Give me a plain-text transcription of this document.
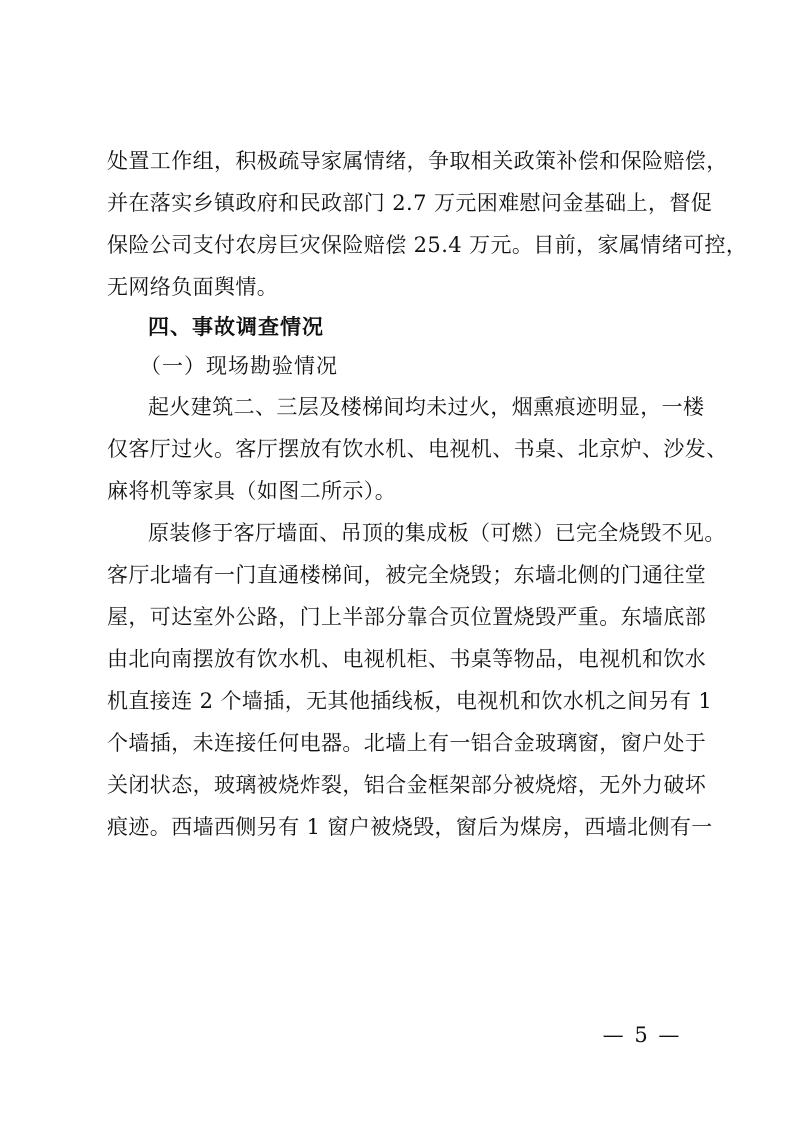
处置工作组，积极疏导家属情绪，争取相关政策补偿和保险赔偿，
并在落实乡镇政府和民政部门 2.7 万元困难慰问金基础上，督促
保险公司支付农房巨灾保险赔偿 25.4 万元。目前，家属情绪可控，
无网络负面舆情。
四、事故调查情况
（一）现场勘验情况
起火建筑二、三层及楼梯间均未过火，烟熏痕迹明显，一楼
仅客厅过火。客厅摆放有饮水机、电视机、书桌、北京炉、沙发、
麻将机等家具（如图二所示）。
原装修于客厅墙面、吊顶的集成板（可燃）已完全烧毁不见。
客厅北墙有一门直通楼梯间，被完全烧毁；东墙北侧的门通往堂
屋，可达室外公路，门上半部分靠合页位置烧毁严重。东墙底部
由北向南摆放有饮水机、电视机柜、书桌等物品，电视机和饮水
机直接连 2 个墙插，无其他插线板，电视机和饮水机之间另有 1
个墙插，未连接任何电器。北墙上有一铝合金玻璃窗，窗户处于
关闭状态，玻璃被烧炸裂，铝合金框架部分被烧熔，无外力破坏
痕迹。西墙西侧另有 1 窗户被烧毁，窗后为煤房，西墙北侧有一
— 5 —
